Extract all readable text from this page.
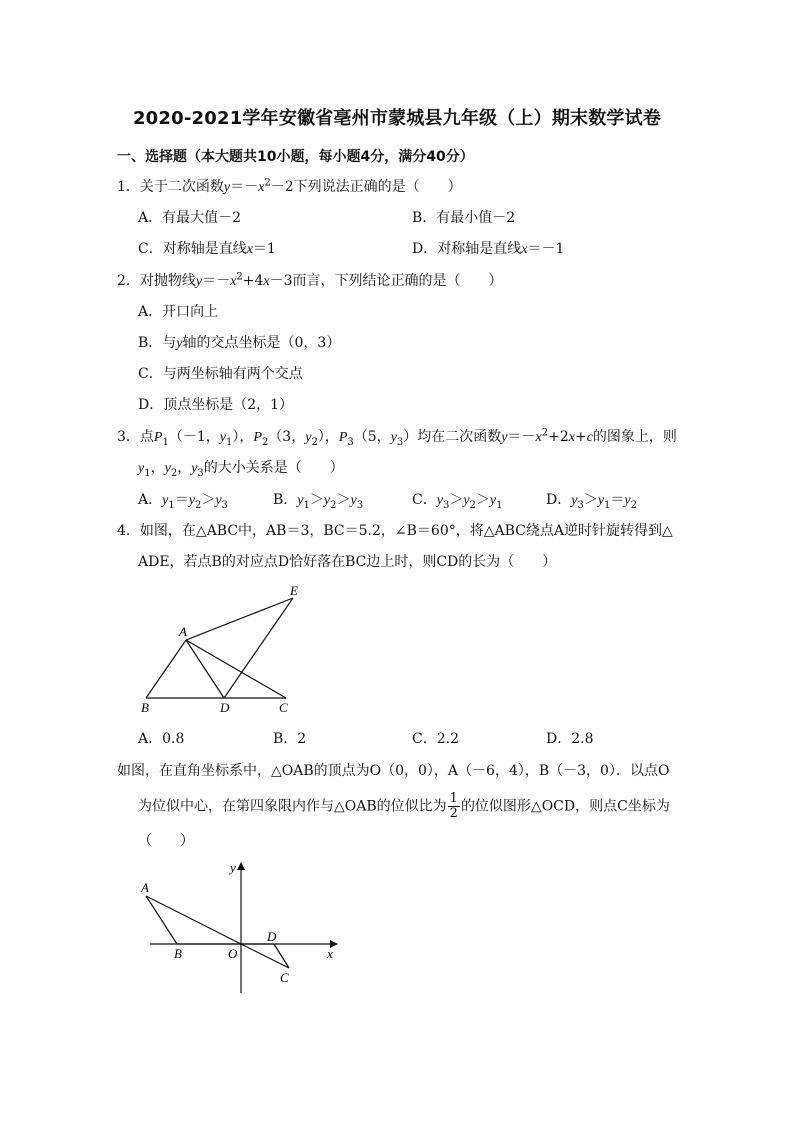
2020-2021学年安徽省亳州市蒙城县九年级（上）期末数学试卷
一、选择题（本大题共10小题，每小题4分，满分40分）
1．关于二次函数$y=-x^2-2$下列说法正确的是（　　）
A．有最大值－2	B．有最小值－2
C．对称轴是直线x＝1	D．对称轴是直线x＝－1
2．对抛物线$y=-x^2+4x-3$而言，下列结论正确的是（　　）
A．开口向上
B．与y轴的交点坐标是（0，3）
C．与两坐标轴有两个交点
D．顶点坐标是（2，1）
3．点$P_1(-1$，$y_1$），$P_2(3$，$y_2$），$P_3(5$，$y_3$）均在二次函数$y=-x^2+2x+c$的图象上，则
$y_1$，$y_2$，$y_3$的大小关系是（　　）
A．$y_1=y_2>y_3$	B．$y_1>y_2>y_3$	C．$y_3>y_2>y_1$	D．$y_3>y_1=y_2$
4．如图，在△ABC中，AB＝3，BC＝5.2，∠B＝60°，将△ABC绕点A逆时针旋转得到△
ADE，若点B的对应点D恰好落在BC边上时，则CD的长为（　　）
E
A
B	D	C
A．0.8	B．2	C．2.2	D．2.8
如图，在直角坐标系中，△OAB的顶点为O（0，0），A（－6，4），B（－3，0）．以点O
为位似中心，在第四象限内作与△OAB的位似比为 $\frac{1}{2}$ 的位似图形△OCD，则点C坐标为
（　　）
y
x
A
B	O
D
C
